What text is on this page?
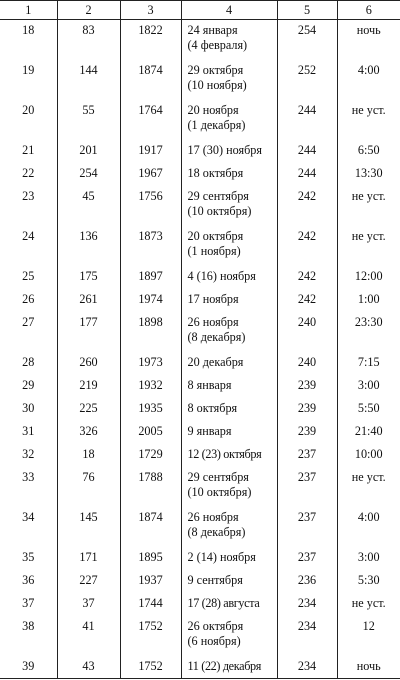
1	2	3	4	5	6
18	83	1822	24 января
(4 февраля)	254	ночь
19	144	1874	29 октября
(10 ноября)	252	4:00
20	55	1764	20 ноября
(1 декабря)	244	не уст.
21	201	1917	17 (30) ноября	244	6:50
22	254	1967	18 октября	244	13:30
23	45	1756	29 сентября
(10 октября)	242	не уст.
24	136	1873	20 октября
(1 ноября)	242	не уст.
25	175	1897	4 (16) ноября	242	12:00
26	261	1974	17 ноября	242	1:00
27	177	1898	26 ноября
(8 декабря)	240	23:30
28	260	1973	20 декабря	240	7:15
29	219	1932	8 января	239	3:00
30	225	1935	8 октября	239	5:50
31	326	2005	9 января	239	21:40
32	18	1729	12 (23) октября	237	10:00
33	76	1788	29 сентября
(10 октября)	237	не уст.
34	145	1874	26 ноября
(8 декабря)	237	4:00
35	171	1895	2 (14) ноября	237	3:00
36	227	1937	9 сентября	236	5:30
37	37	1744	17 (28) августа	234	не уст.
38	41	1752	26 октября
(6 ноября)	234	12
39	43	1752	11 (22) декабря	234	ночь
